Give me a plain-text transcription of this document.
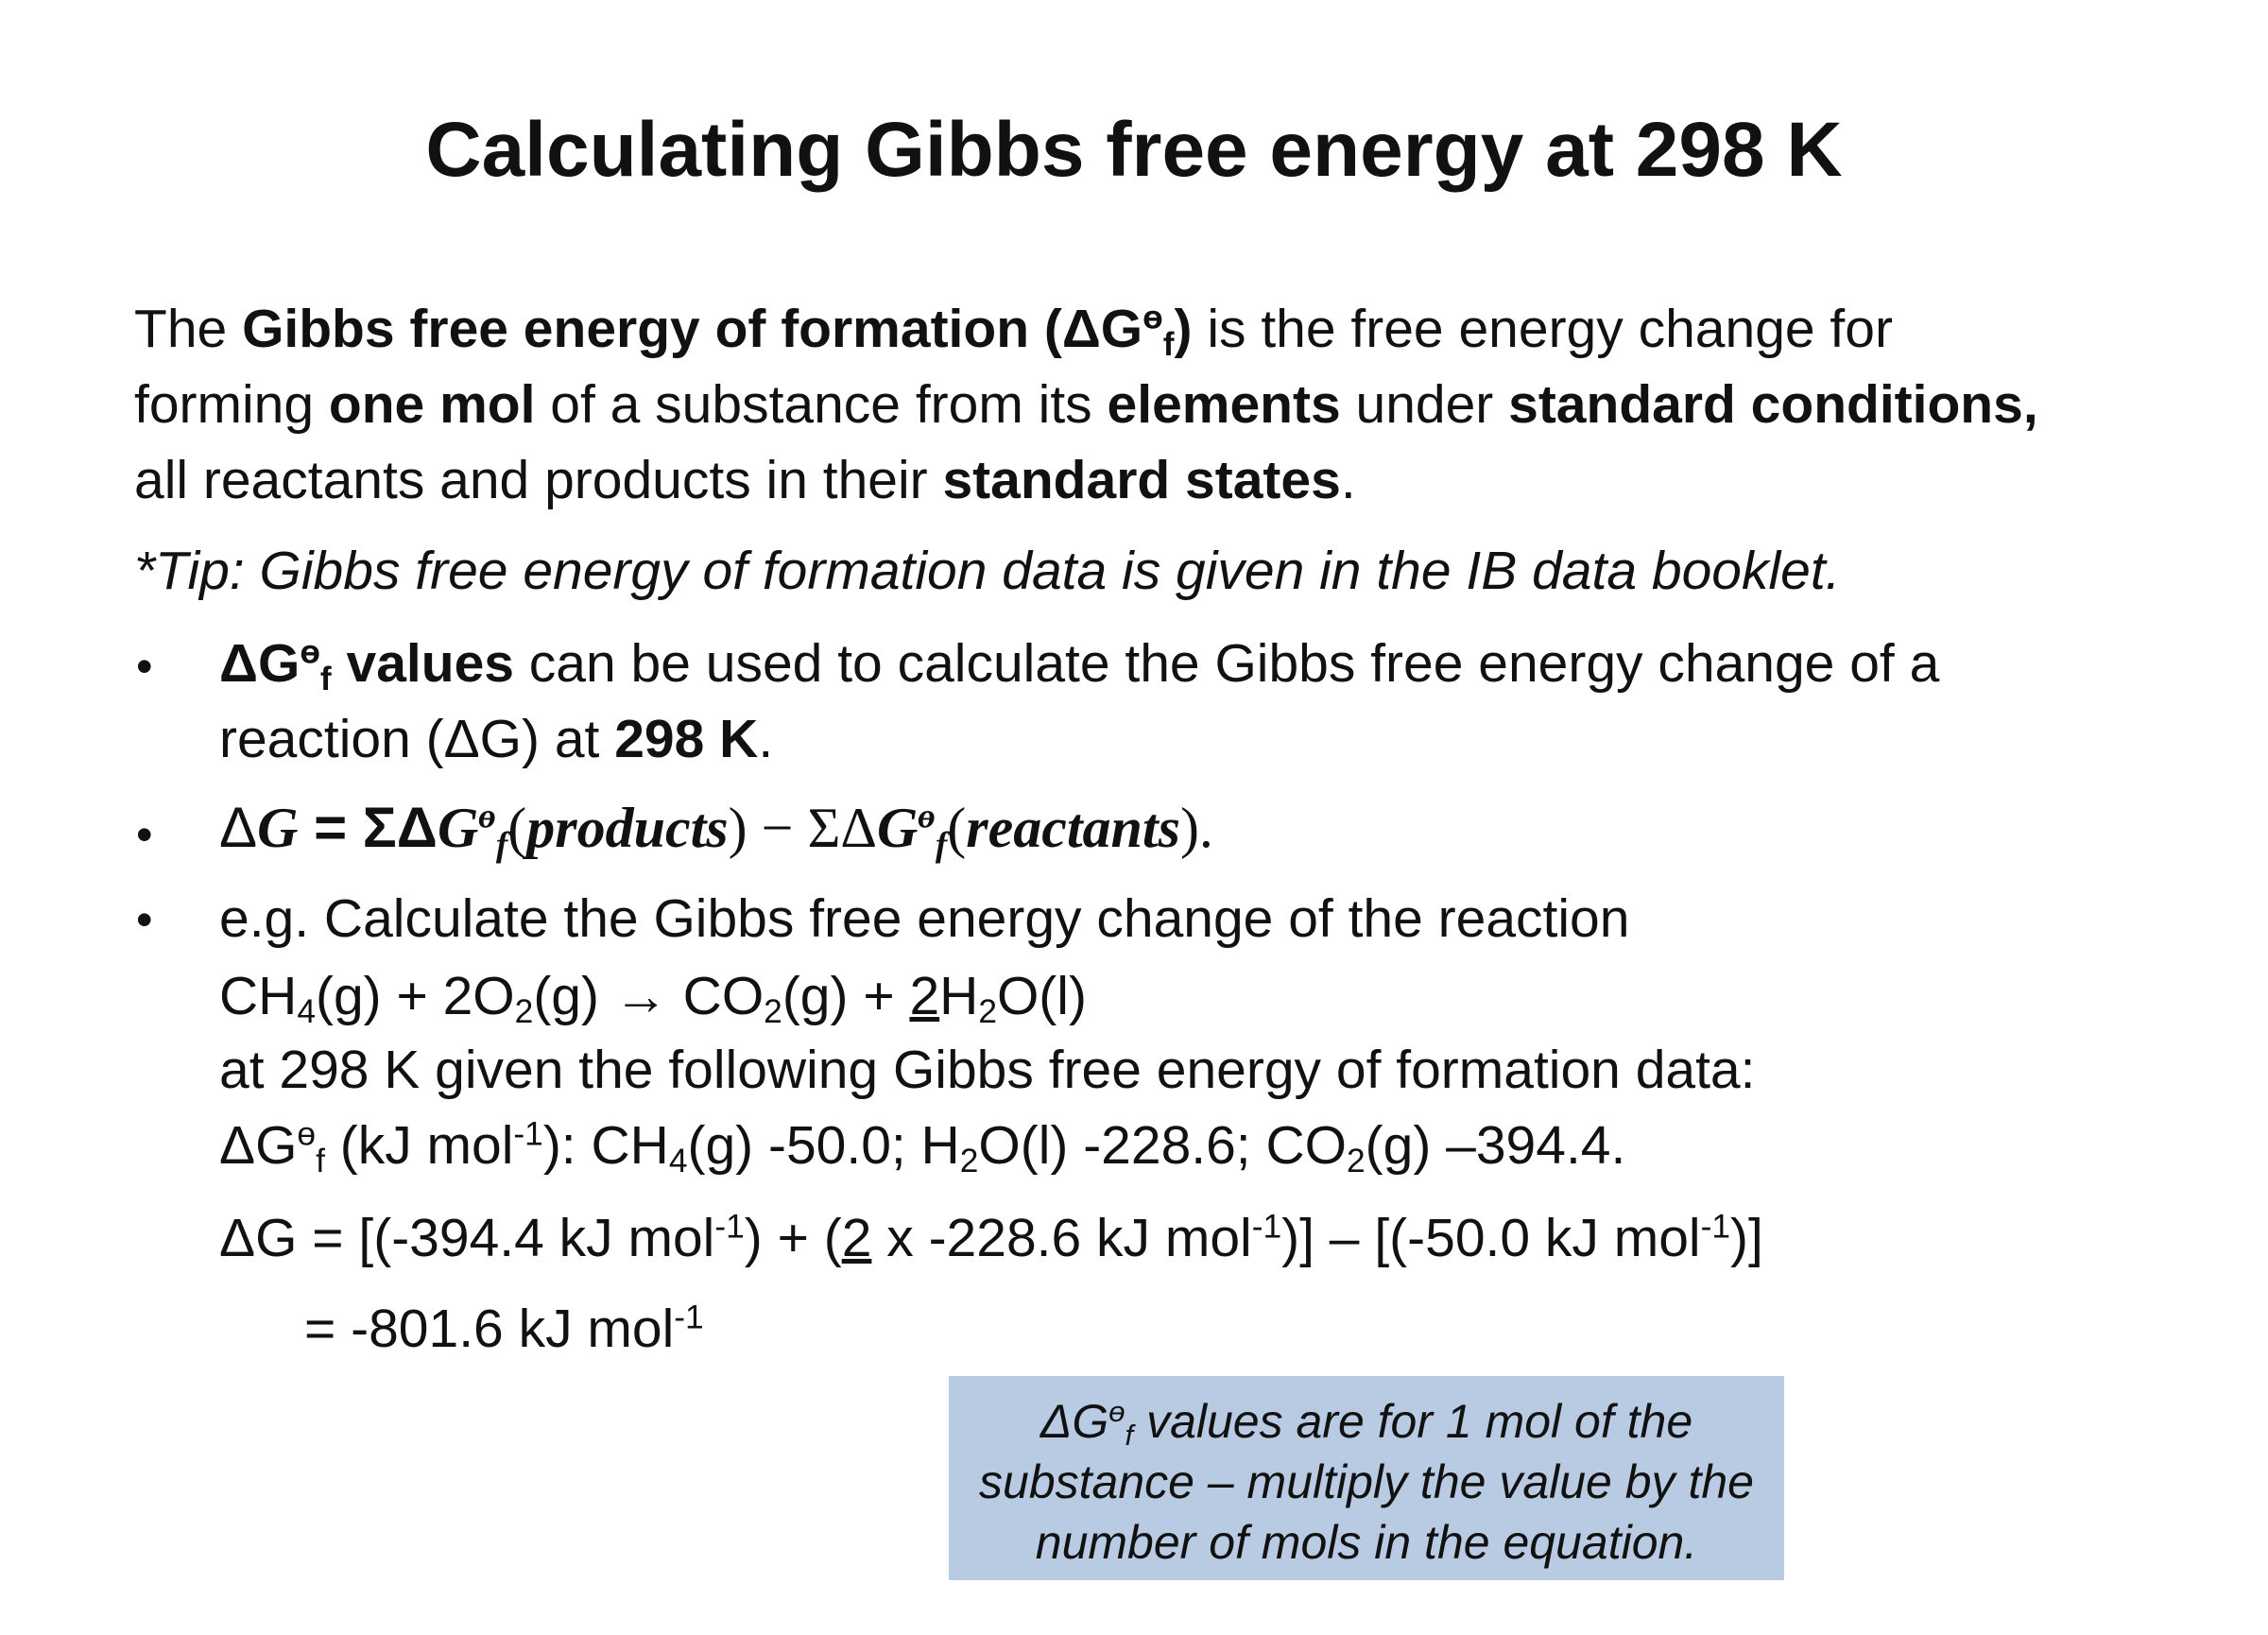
Calculating Gibbs free energy at 298 K
The Gibbs free energy of formation $(\Delta G^ө_f)$ is the free energy change for
forming one mol of a substance from its elements under standard conditions,
all reactants and products in their standard states.
*Tip: Gibbs free energy of formation data is given in the IB data booklet.
• $\Delta G^ө_f$ values can be used to calculate the Gibbs free energy change of a
reaction (ΔG) at 298 K.
• $\Delta G = \Sigma\Delta G^ө_f(products)$ − $\Sigma\Delta G^ө_f(reactants)$.
• e.g. Calculate the Gibbs free energy change of the reaction
$CH_4(g) + 2O_2(g) \to CO_2(g) + 2H_2O(l)$
at 298 K given the following Gibbs free energy of formation data:
$\Delta G^ө_f$ (kJ mol$^{-1}$): $CH_4(g)$ -50.0; $H_2O(l)$ -228.6; $CO_2(g)$ –394.4.
ΔG = [(-394.4 kJ mol$^{-1}$) + (2 x -228.6 kJ mol$^{-1}$)] – [(-50.0 kJ mol$^{-1}$)]
= -801.6 kJ mol$^{-1}$
$\Delta G^ө_f$ values are for 1 mol of the
substance – multiply the value by the
number of mols in the equation.
